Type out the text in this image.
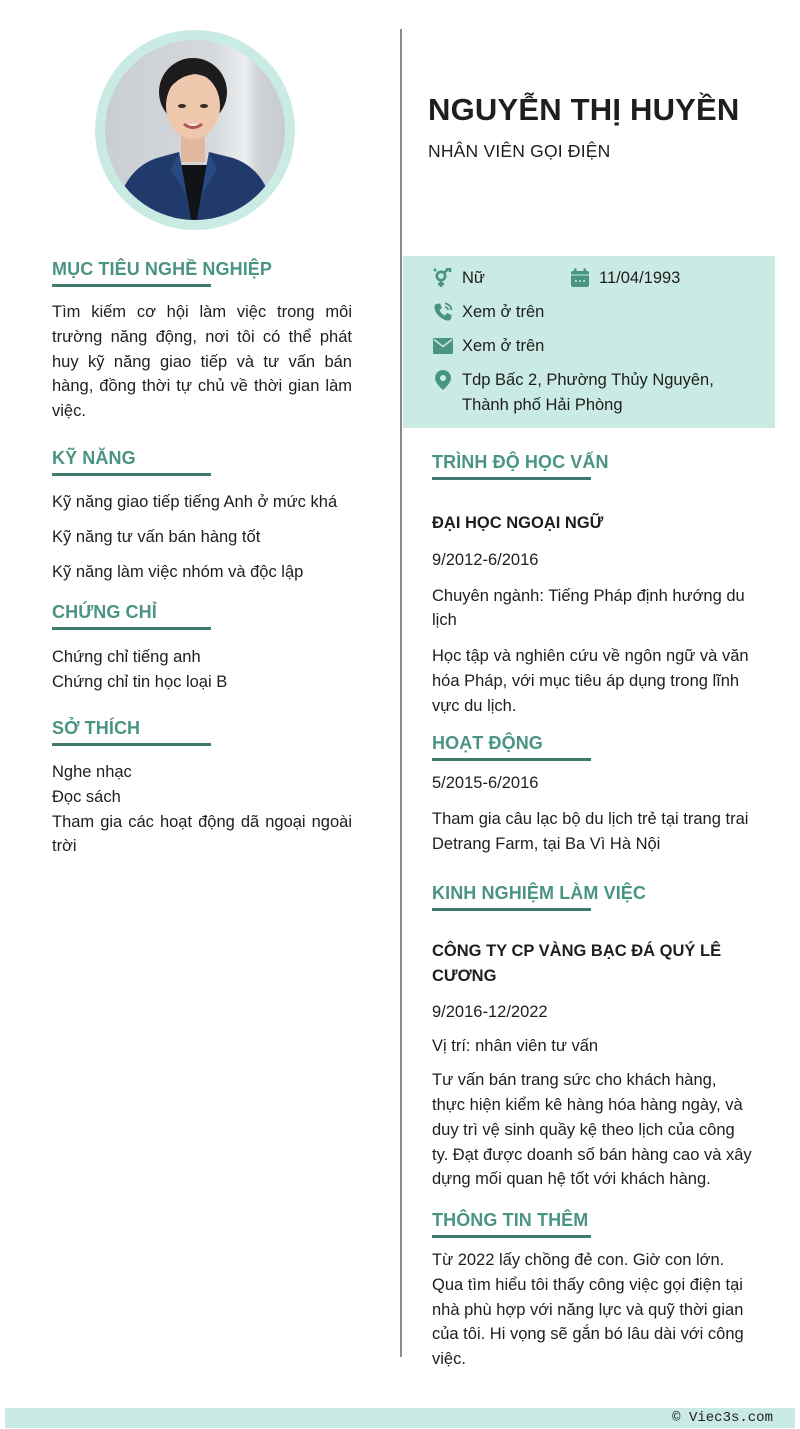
NGUYỄN THỊ HUYỀN
NHÂN VIÊN GỌI ĐIỆN
Nữ	11/04/1993
Xem ở trên
Xem ở trên
Tdp Bấc 2, Phường Thủy Nguyên,
Thành phố Hải Phòng
MỤC TIÊU NGHỀ NGHIỆP
Tìm kiếm cơ hội làm việc trong môi trường năng động, nơi tôi có thể phát huy kỹ năng giao tiếp và tư vấn bán hàng, đồng thời tự chủ về thời gian làm việc.
KỸ NĂNG
Kỹ năng giao tiếp tiếng Anh ở mức khá
Kỹ năng tư vấn bán hàng tốt
Kỹ năng làm việc nhóm và độc lập
CHỨNG CHỈ
Chứng chỉ tiếng anh
Chứng chỉ tin học loại B
SỞ THÍCH
Nghe nhạc
Đọc sách
Tham gia các hoạt động dã ngoại ngoài trời
TRÌNH ĐỘ HỌC VẤN
ĐẠI HỌC NGOẠI NGỮ
9/2012-6/2016
Chuyên ngành: Tiếng Pháp định hướng du lịch
Học tập và nghiên cứu về ngôn ngữ và văn hóa Pháp, với mục tiêu áp dụng trong lĩnh vực du lịch.
HOẠT ĐỘNG
5/2015-6/2016
Tham gia câu lạc bộ du lịch trẻ tại trang trai Detrang Farm, tại Ba Vì Hà Nội
KINH NGHIỆM LÀM VIỆC
CÔNG TY CP VÀNG BẠC ĐÁ QUÝ LÊ CƯƠNG
9/2016-12/2022
Vị trí: nhân viên tư vấn
Tư vấn bán trang sức cho khách hàng, thực hiện kiểm kê hàng hóa hàng ngày, và duy trì vệ sinh quầy kệ theo lịch của công ty. Đạt được doanh số bán hàng cao và xây dựng mối quan hệ tốt với khách hàng.
THÔNG TIN THÊM
Từ 2022 lấy chồng đẻ con. Giờ con lớn. Qua tìm hiểu tôi thấy công việc gọi điện tại nhà phù hợp với năng lực và quỹ thời gian của tôi. Hi vọng sẽ gắn bó lâu dài với công việc.
© Viec3s.com
